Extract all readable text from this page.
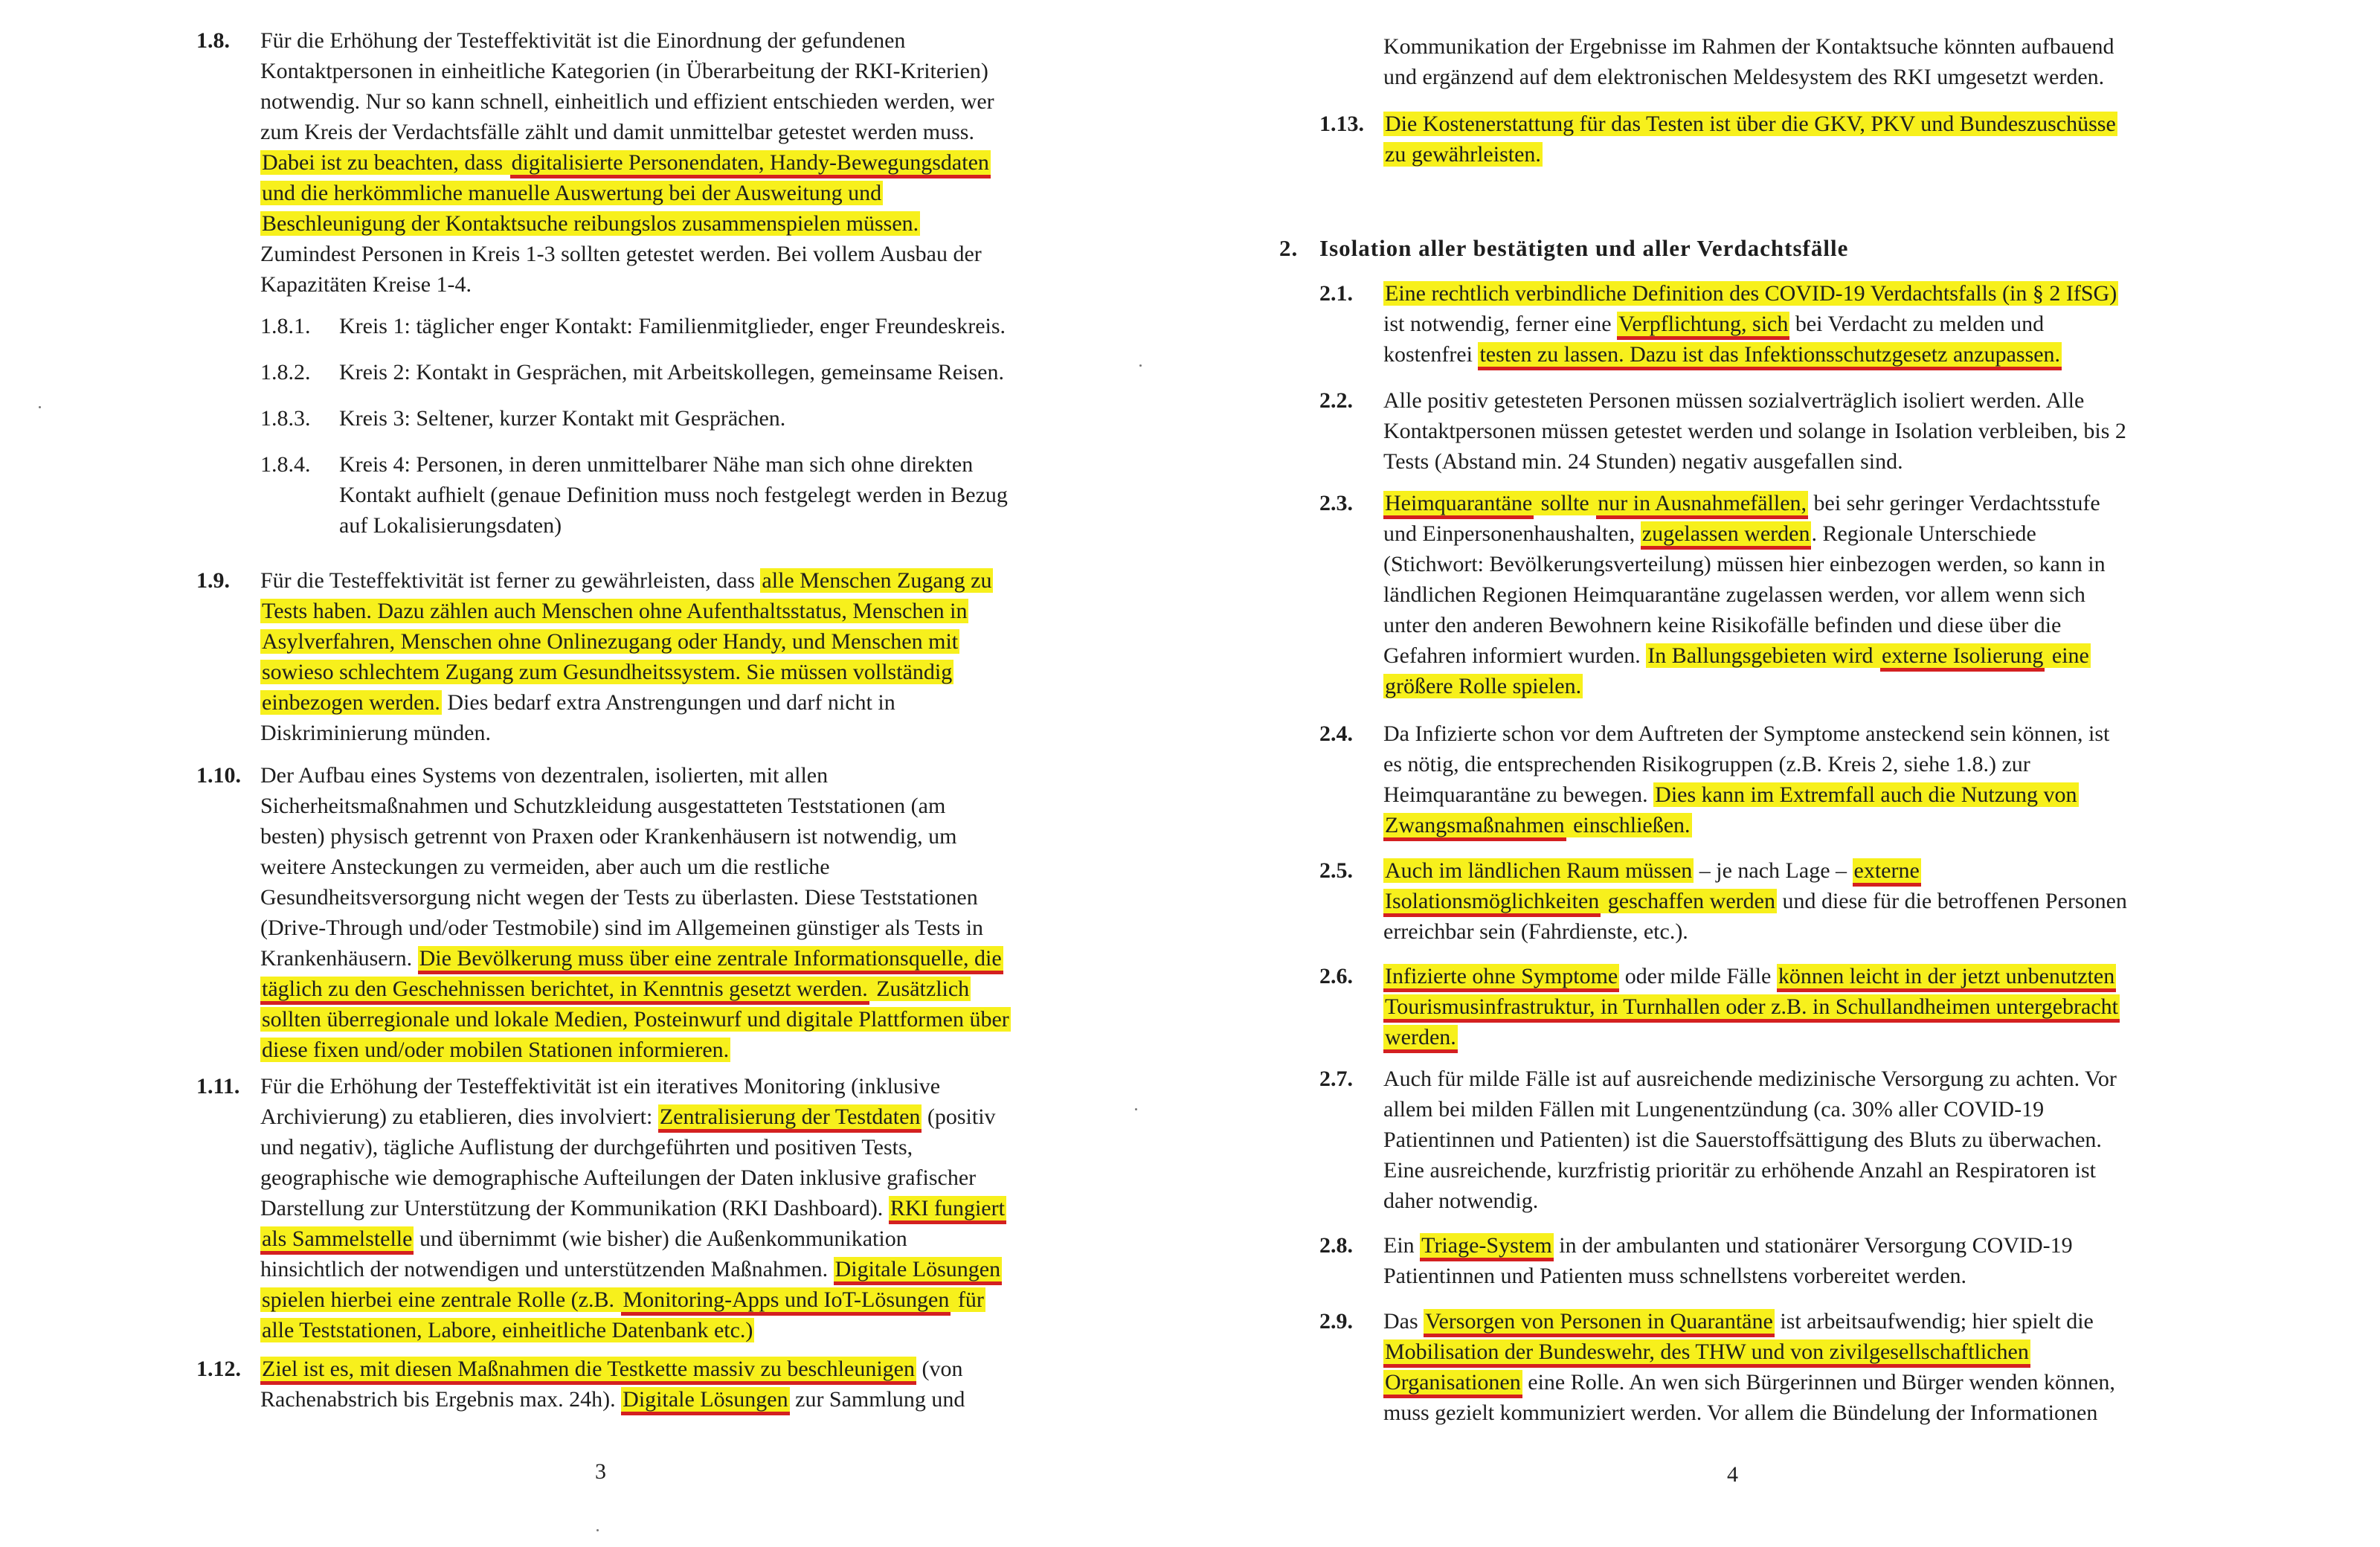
1.8. Für die Erhöhung der Testeffektivität ist die Einordnung der gefundenen
Kontaktpersonen in einheitliche Kategorien (in Überarbeitung der RKI-Kriterien)
notwendig. Nur so kann schnell, einheitlich und effizient entschieden werden, wer
zum Kreis der Verdachtsfälle zählt und damit unmittelbar getestet werden muss.
Dabei ist zu beachten, dass digitalisierte Personendaten, Handy-Bewegungsdaten
und die herkömmliche manuelle Auswertung bei der Ausweitung und
Beschleunigung der Kontaktsuche reibungslos zusammenspielen müssen.
Zumindest Personen in Kreis 1-3 sollten getestet werden. Bei vollem Ausbau der
Kapazitäten Kreise 1-4.
1.8.1. Kreis 1: täglicher enger Kontakt: Familienmitglieder, enger Freundeskreis.
1.8.2. Kreis 2: Kontakt in Gesprächen, mit Arbeitskollegen, gemeinsame Reisen.
1.8.3. Kreis 3: Seltener, kurzer Kontakt mit Gesprächen.
1.8.4. Kreis 4: Personen, in deren unmittelbarer Nähe man sich ohne direkten
Kontakt aufhielt (genaue Definition muss noch festgelegt werden in Bezug
auf Lokalisierungsdaten)
1.9. Für die Testeffektivität ist ferner zu gewährleisten, dass alle Menschen Zugang zu
Tests haben. Dazu zählen auch Menschen ohne Aufenthaltsstatus, Menschen in
Asylverfahren, Menschen ohne Onlinezugang oder Handy, und Menschen mit
sowieso schlechtem Zugang zum Gesundheitssystem. Sie müssen vollständig
einbezogen werden. Dies bedarf extra Anstrengungen und darf nicht in
Diskriminierung münden.
1.10. Der Aufbau eines Systems von dezentralen, isolierten, mit allen
Sicherheitsmaßnahmen und Schutzkleidung ausgestatteten Teststationen (am
besten) physisch getrennt von Praxen oder Krankenhäusern ist notwendig, um
weitere Ansteckungen zu vermeiden, aber auch um die restliche
Gesundheitsversorgung nicht wegen der Tests zu überlasten. Diese Teststationen
(Drive-Through und/oder Testmobile) sind im Allgemeinen günstiger als Tests in
Krankenhäusern. Die Bevölkerung muss über eine zentrale Informationsquelle, die
täglich zu den Geschehnissen berichtet, in Kenntnis gesetzt werden. Zusätzlich
sollten überregionale und lokale Medien, Posteinwurf und digitale Plattformen über
diese fixen und/oder mobilen Stationen informieren.
1.11. Für die Erhöhung der Testeffektivität ist ein iteratives Monitoring (inklusive
Archivierung) zu etablieren, dies involviert: Zentralisierung der Testdaten (positiv
und negativ), tägliche Auflistung der durchgeführten und positiven Tests,
geographische wie demographische Aufteilungen der Daten inklusive grafischer
Darstellung zur Unterstützung der Kommunikation (RKI Dashboard). RKI fungiert
als Sammelstelle und übernimmt (wie bisher) die Außenkommunikation
hinsichtlich der notwendigen und unterstützenden Maßnahmen. Digitale Lösungen
spielen hierbei eine zentrale Rolle (z.B. Monitoring-Apps und IoT-Lösungen für
alle Teststationen, Labore, einheitliche Datenbank etc.)
1.12. Ziel ist es, mit diesen Maßnahmen die Testkette massiv zu beschleunigen (von
Rachenabstrich bis Ergebnis max. 24h). Digitale Lösungen zur Sammlung und
3
Kommunikation der Ergebnisse im Rahmen der Kontaktsuche könnten aufbauend
und ergänzend auf dem elektronischen Meldesystem des RKI umgesetzt werden.
1.13. Die Kostenerstattung für das Testen ist über die GKV, PKV und Bundeszuschüsse
zu gewährleisten.
2.1. Eine rechtlich verbindliche Definition des COVID-19 Verdachtsfalls (in § 2 IfSG)
ist notwendig, ferner eine Verpflichtung, sich bei Verdacht zu melden und
kostenfrei testen zu lassen. Dazu ist das Infektionsschutzgesetz anzupassen.
2.2. Alle positiv getesteten Personen müssen sozialverträglich isoliert werden. Alle
Kontaktpersonen müssen getestet werden und solange in Isolation verbleiben, bis 2
Tests (Abstand min. 24 Stunden) negativ ausgefallen sind.
2.3. Heimquarantäne sollte nur in Ausnahmefällen, bei sehr geringer Verdachtsstufe
und Einpersonenhaushalten, zugelassen werden. Regionale Unterschiede
(Stichwort: Bevölkerungsverteilung) müssen hier einbezogen werden, so kann in
ländlichen Regionen Heimquarantäne zugelassen werden, vor allem wenn sich
unter den anderen Bewohnern keine Risikofälle befinden und diese über die
Gefahren informiert wurden. In Ballungsgebieten wird externe Isolierung eine
größere Rolle spielen.
2.4. Da Infizierte schon vor dem Auftreten der Symptome ansteckend sein können, ist
es nötig, die entsprechenden Risikogruppen (z.B. Kreis 2, siehe 1.8.) zur
Heimquarantäne zu bewegen. Dies kann im Extremfall auch die Nutzung von
Zwangsmaßnahmen einschließen.
2.5. Auch im ländlichen Raum müssen – je nach Lage – externe
Isolationsmöglichkeiten geschaffen werden und diese für die betroffenen Personen
erreichbar sein (Fahrdienste, etc.).
2.6. Infizierte ohne Symptome oder milde Fälle können leicht in der jetzt unbenutzten
Tourismusinfrastruktur, in Turnhallen oder z.B. in Schullandheimen untergebracht
werden.
2.7. Auch für milde Fälle ist auf ausreichende medizinische Versorgung zu achten. Vor
allem bei milden Fällen mit Lungenentzündung (ca. 30% aller COVID-19
Patientinnen und Patienten) ist die Sauerstoffsättigung des Bluts zu überwachen.
Eine ausreichende, kurzfristig prioritär zu erhöhende Anzahl an Respiratoren ist
daher notwendig.
2.8. Ein Triage-System in der ambulanten und stationärer Versorgung COVID-19
Patientinnen und Patienten muss schnellstens vorbereitet werden.
2.9. Das Versorgen von Personen in Quarantäne ist arbeitsaufwendig; hier spielt die
Mobilisation der Bundeswehr, des THW und von zivilgesellschaftlichen
Organisationen eine Rolle. An wen sich Bürgerinnen und Bürger wenden können,
muss gezielt kommuniziert werden. Vor allem die Bündelung der Informationen
2. Isolation aller bestätigten und aller Verdachtsfälle
4
